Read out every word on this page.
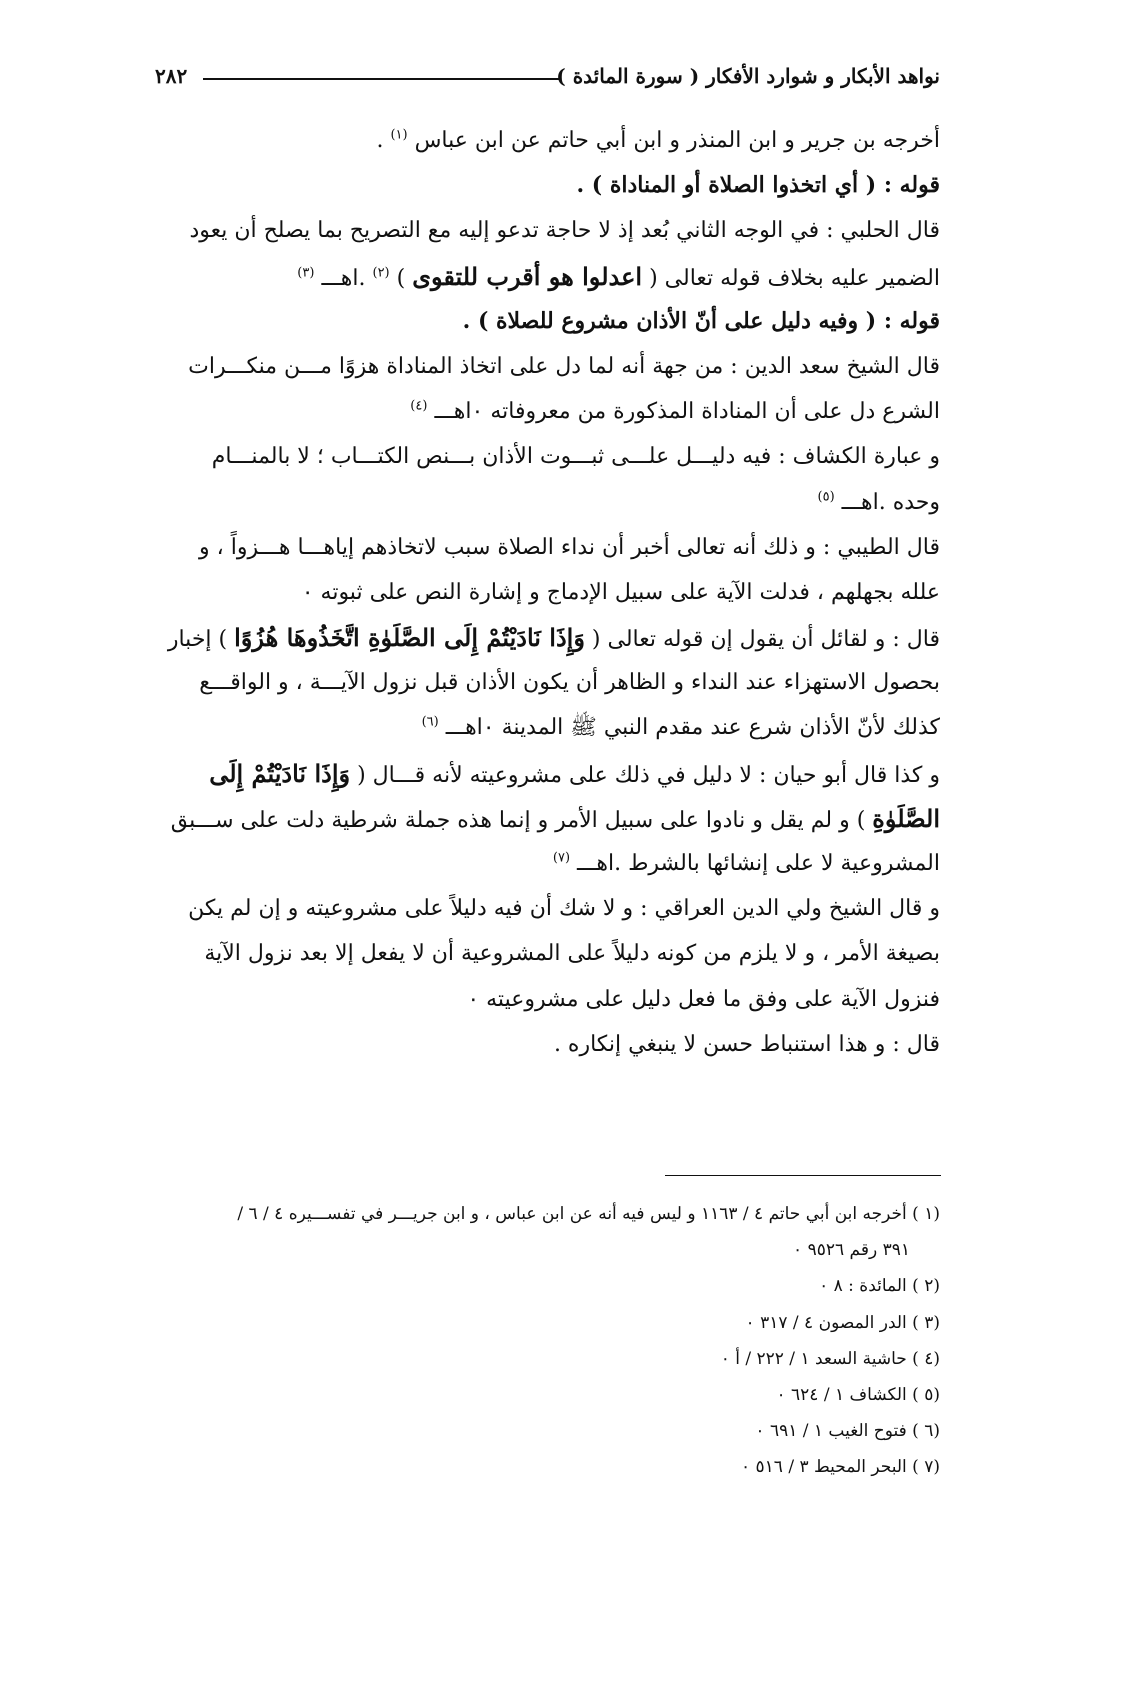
نواهد الأبكار و شوارد الأفكار ( سورة المائدة )
٢٨٢
أخرجه بن جرير و ابن المنذر و ابن أبي حاتم عن ابن عباس $^{(١)}$ .
قوله : ( أي اتخذوا الصلاة أو المناداة ) .
قال الحلبي : في الوجه الثاني بُعد إذ لا حاجة تدعو إليه مع التصريح بما يصلح أن يعود
الضمير عليه بخلاف قوله تعالى ( اعدلوا هو أقرب للتقوى ) $^{(٢)}$ .اهـــ $^{(٣)}$
قوله : ( وفيه دليل على أنّ الأذان مشروع للصلاة ) .
قال الشيخ سعد الدين : من جهة أنه لما دل على اتخاذ المناداة هزوًا مـــن منكـــرات
الشرع دل على أن المناداة المذكورة من معروفاته ٠اهـــ $^{(٤)}$
و عبارة الكشاف : فيه دليـــل علـــى ثبـــوت الأذان بـــنص الكتـــاب ؛ لا بالمنـــام
وحده .اهـــ $^{(٥)}$
قال الطيبي : و ذلك أنه تعالى أخبر أن نداء الصلاة سبب لاتخاذهم إياهـــا هـــزواً ، و
علله بجهلهم ، فدلت الآية على سبيل الإدماج و إشارة النص على ثبوته ٠
قال : و لقائل أن يقول إن قوله تعالى ( وَإِذَا نَادَيْتُمْ إِلَى الصَّلَوٰةِ اتَّخَذُوهَا هُزُوًا ) إخبار
بحصول الاستهزاء عند النداء و الظاهر أن يكون الأذان قبل نزول الآيـــة ، و الواقـــع
كذلك لأنّ الأذان شرع عند مقدم النبي ﷺ المدينة ٠اهـــ $^{(٦)}$
و كذا قال أبو حيان : لا دليل في ذلك على مشروعيته لأنه قـــال ( وَإِذَا نَادَيْتُمْ إِلَى
الصَّلَوٰةِ ) و لم يقل و نادوا على سبيل الأمر و إنما هذه جملة شرطية دلت على ســـبق
المشروعية لا على إنشائها بالشرط .اهـــ $^{(٧)}$
و قال الشيخ ولي الدين العراقي : و لا شك أن فيه دليلاً على مشروعيته و إن لم يكن
بصيغة الأمر ، و لا يلزم من كونه دليلاً على المشروعية أن لا يفعل إلا بعد نزول الآية
فنزول الآية على وفق ما فعل دليل على مشروعيته ٠
قال : و هذا استنباط حسن لا ينبغي إنكاره .
(١ ) أخرجه ابن أبي حاتم ٤ / ١١٦٣ و ليس فيه أنه عن ابن عباس ، و ابن جريـــر في تفســـيره ٤ / ٦ /
٣٩١ رقم ٩٥٢٦ ٠
(٢ ) المائدة : ٨ ٠
(٣ ) الدر المصون ٤ / ٣١٧ ٠
(٤ ) حاشية السعد ١ / ٢٢٢ / أ ٠
(٥ ) الكشاف ١ / ٦٢٤ ٠
(٦ ) فتوح الغيب ١ / ٦٩١ ٠
(٧ ) البحر المحيط ٣ / ٥١٦ ٠
